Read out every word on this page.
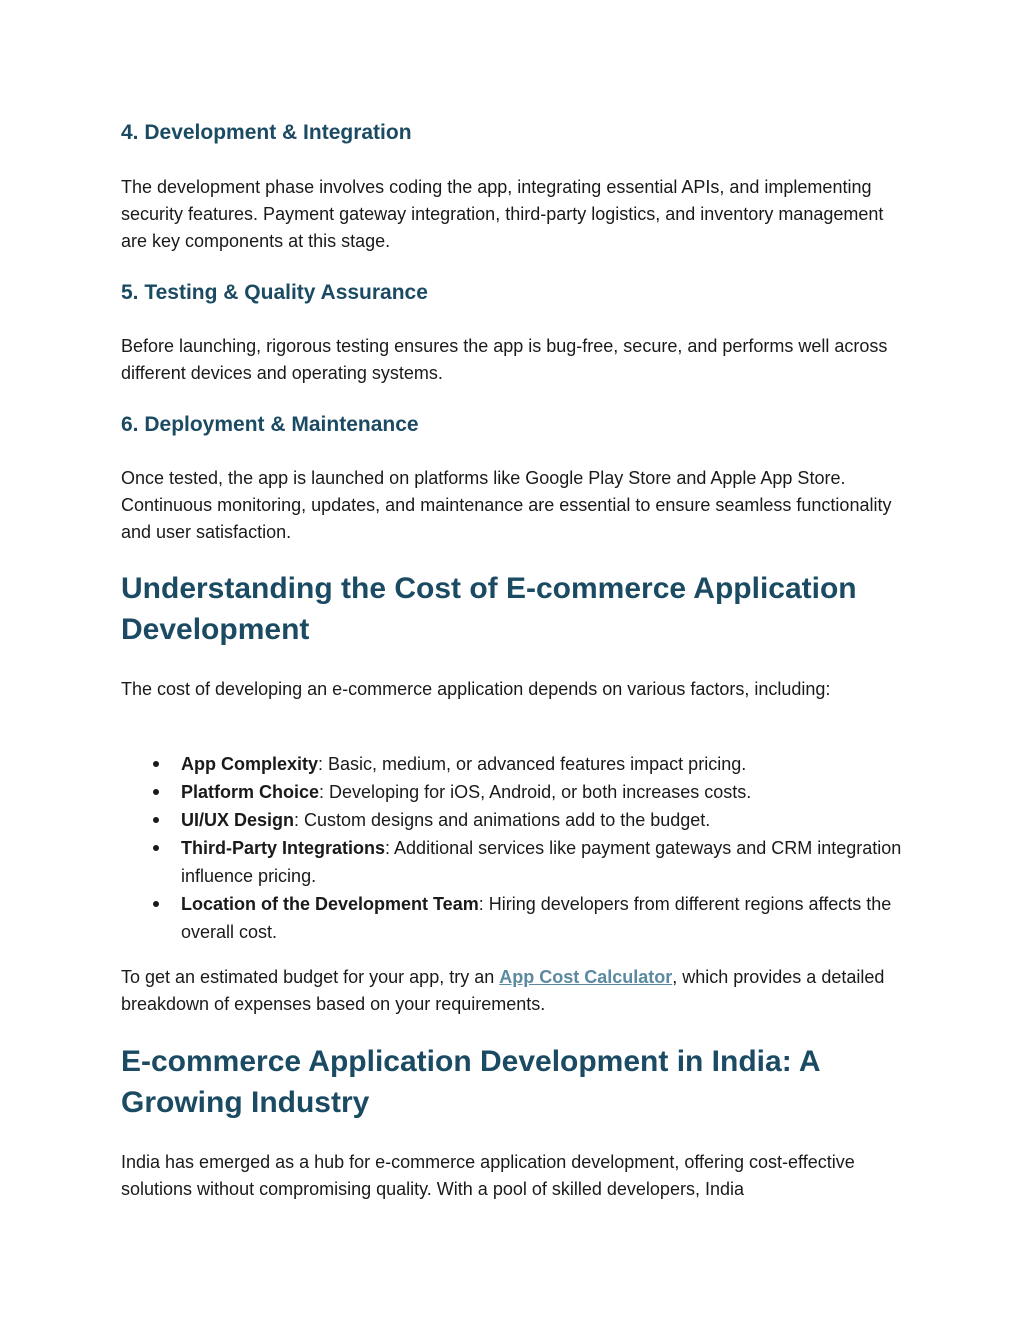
4. Development & Integration

The development phase involves coding the app, integrating essential APIs, and implementing security features. Payment gateway integration, third-party logistics, and inventory management are key components at this stage.

5. Testing & Quality Assurance

Before launching, rigorous testing ensures the app is bug-free, secure, and performs well across different devices and operating systems.

6. Deployment & Maintenance

Once tested, the app is launched on platforms like Google Play Store and Apple App Store. Continuous monitoring, updates, and maintenance are essential to ensure seamless functionality and user satisfaction.

Understanding the Cost of E-commerce Application Development

The cost of developing an e-commerce application depends on various factors, including:

App Complexity: Basic, medium, or advanced features impact pricing.
Platform Choice: Developing for iOS, Android, or both increases costs.
UI/UX Design: Custom designs and animations add to the budget.
Third-Party Integrations: Additional services like payment gateways and CRM integration influence pricing.
Location of the Development Team: Hiring developers from different regions affects the overall cost.

To get an estimated budget for your app, try an App Cost Calculator, which provides a detailed breakdown of expenses based on your requirements.

E-commerce Application Development in India: A Growing Industry

India has emerged as a hub for e-commerce application development, offering cost-effective solutions without compromising quality. With a pool of skilled developers, India
